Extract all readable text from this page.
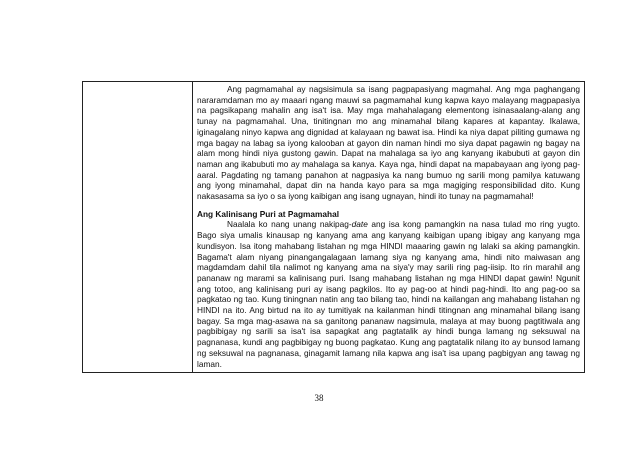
Ang pagmamahal ay nagsisimula sa isang pagpapasiyang magmahal. Ang mga paghangang nararamdaman mo ay maaari ngang mauwi sa pagmamahal kung kapwa kayo malayang magpapasiya na pagsikapang mahalin ang isa't isa. May mga mahahalagang elementong isinasaalang-alang ang tunay na pagmamahal. Una, tinitingnan mo ang minamahal bilang kapares at kapantay. Ikalawa, iginagalang ninyo kapwa ang dignidad at kalayaan ng bawat isa. Hindi ka niya dapat piliting gumawa ng mga bagay na labag sa iyong kalooban at gayon din naman hindi mo siya dapat pagawin ng bagay na alam mong hindi niya gustong gawin. Dapat na mahalaga sa iyo ang kanyang ikabubuti at gayon din naman ang ikabubuti mo ay mahalaga sa kanya. Kaya nga, hindi dapat na mapabayaan ang iyong pag-aaral. Pagdating ng tamang panahon at nagpasiya ka nang bumuo ng sarili mong pamilya katuwang ang iyong minamahal, dapat din na handa kayo para sa mga magiging responsibilidad dito. Kung nakasasama sa iyo o sa iyong kaibigan ang isang ugnayan, hindi ito tunay na pagmamahal!

Ang Kalinisang Puri at Pagmamahal

Naalala ko nang unang nakipag-date ang isa kong pamangkin na nasa tulad mo ring yugto. Bago siya umalis kinausap ng kanyang ama ang kanyang kaibigan upang ibigay ang kanyang mga kundisyon. Isa itong mahabang listahan ng mga HINDI maaaring gawin ng lalaki sa aking pamangkin. Bagama't alam niyang pinangangalagaan lamang siya ng kanyang ama, hindi nito maiwasan ang magdamdam dahil tila nalimot ng kanyang ama na siya'y may sarili ring pag-iisip. Ito rin marahil ang pananaw ng marami sa kalinisang puri. Isang mahabang listahan ng mga HINDI dapat gawin! Ngunit ang totoo, ang kalinisang puri ay isang pagkilos. Ito ay pag-oo at hindi pag-hindi. Ito ang pag-oo sa pagkatao ng tao. Kung tiningnan natin ang tao bilang tao, hindi na kailangan ang mahabang listahan ng HINDI na ito. Ang birtud na ito ay tumitiyak na kailanman hindi titingnan ang minamahal bilang isang bagay. Sa mga mag-asawa na sa ganitong pananaw nagsimula, malaya at may buong pagtitiwala ang pagbibigay ng sarili sa isa't isa sapagkat ang pagtatalik ay hindi bunga lamang ng seksuwal na pagnanasa, kundi ang pagbibigay ng buong pagkatao. Kung ang pagtatalik nilang ito ay bunsod lamang ng seksuwal na pagnanasa, ginagamit lamang nila kapwa ang isa't isa upang pagbigyan ang tawag ng laman.

38
